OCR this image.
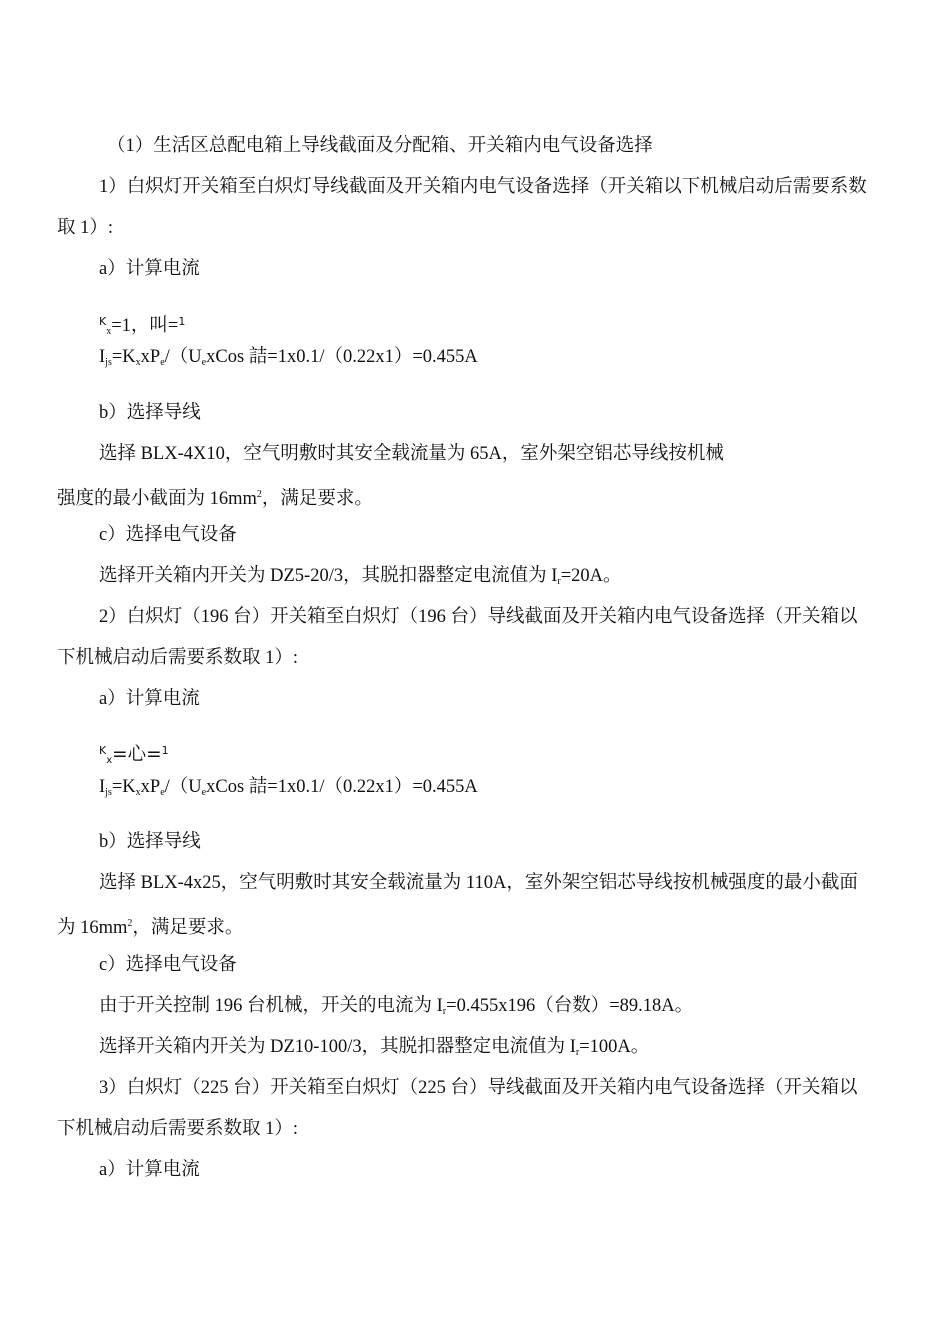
（1）生活区总配电箱上导线截面及分配箱、开关箱内电气设备选择
1）白炽灯开关箱至白炽灯导线截面及开关箱内电气设备选择（开关箱以下机械启动后需要系数
取 1）:
a）计算电流
$^K_x$=1，叫=$^1$
$I_{js}=K_xxP_e/(U_exCos$ 詰=1x0.1/（0.22x1）=0.455A
b）选择导线
选择 BLX-4X10，空气明敷时其安全载流量为 65A，室外架空铝芯导线按机械
强度的最小截面为 $16mm^2$，满足要求。
c）选择电气设备
选择开关箱内开关为 DZ5-20/3，其脱扣器整定电流值为 $I_r=20A$。
2）白炽灯（196 台）开关箱至白炽灯（196 台）导线截面及开关箱内电气设备选择（开关箱以
下机械启动后需要系数取 1）:
a）计算电流
$^K_x$=心=$^1$
$I_{js}=K_xxP_e/(U_exCos$ 詰=1x0.1/（0.22x1）=0.455A
b）选择导线
选择 BLX-4x25，空气明敷时其安全载流量为 110A，室外架空铝芯导线按机械强度的最小截面
为 $16mm^2$，满足要求。
c）选择电气设备
由于开关控制 196 台机械，开关的电流为 $I_r=0.455x196$（台数）=89.18A。
选择开关箱内开关为 DZ10-100/3，其脱扣器整定电流值为 $I_r=100A$。
3）白炽灯（225 台）开关箱至白炽灯（225 台）导线截面及开关箱内电气设备选择（开关箱以
下机械启动后需要系数取 1）:
a）计算电流
